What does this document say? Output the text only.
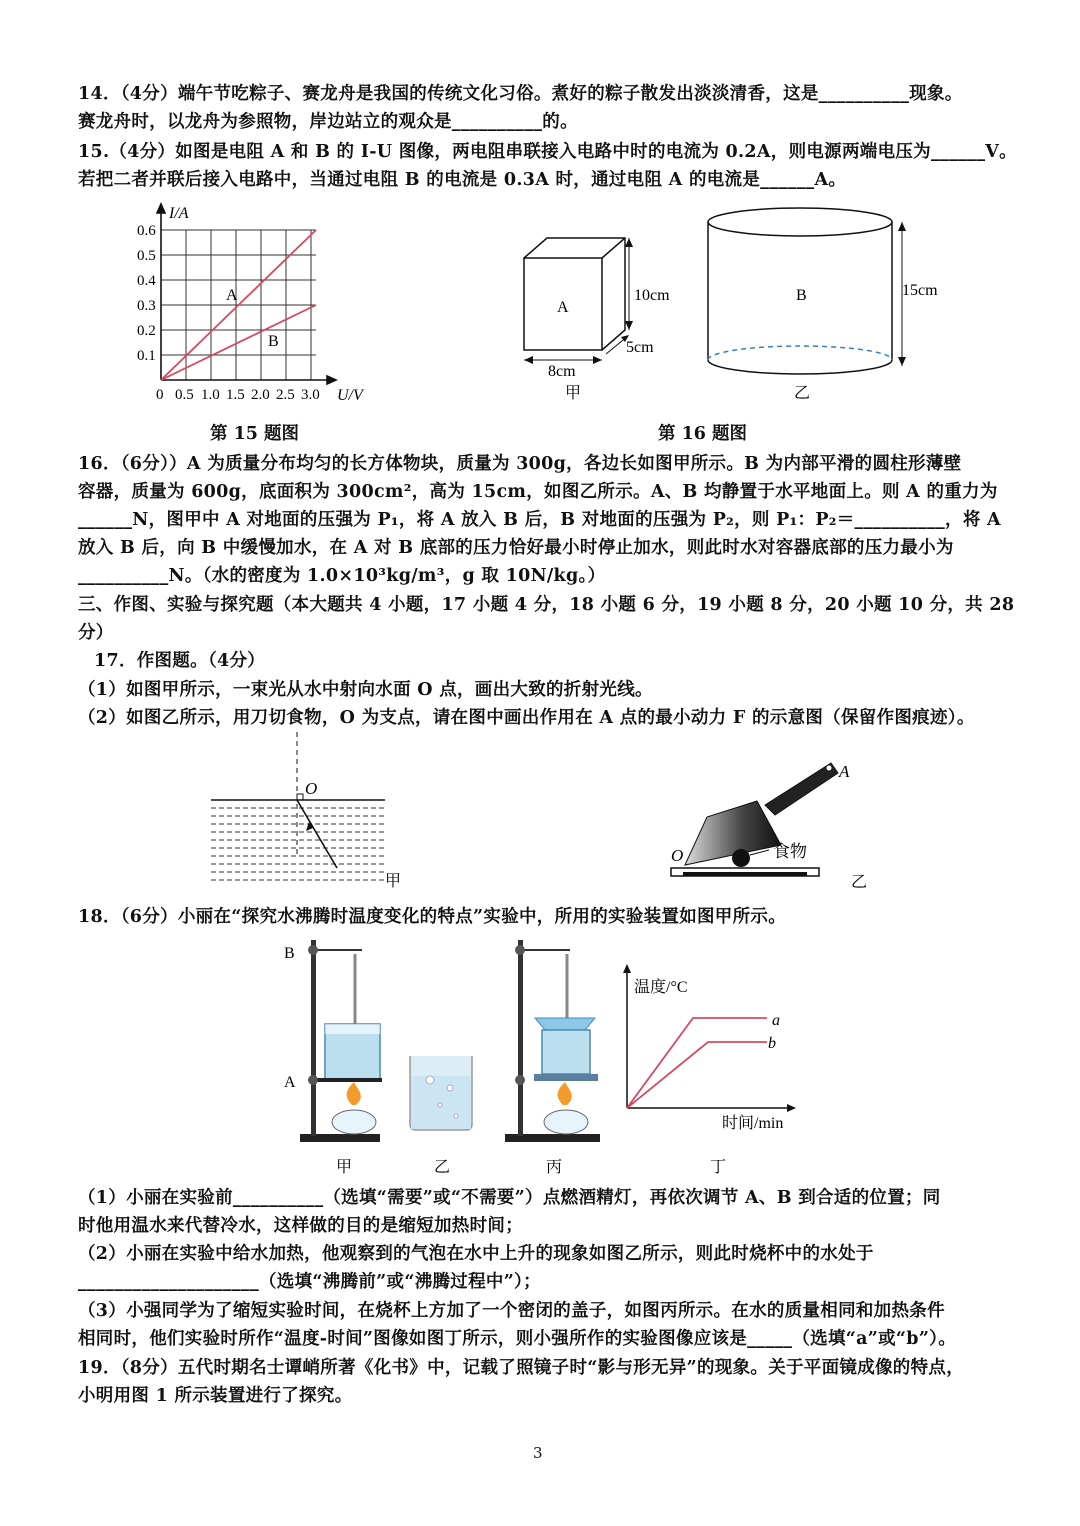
14．（4分）端午节吃粽子、赛龙舟是我国的传统文化习俗。煮好的粽子散发出淡淡清香，这是__________现象。
赛龙舟时，以龙舟为参照物，岸边站立的观众是__________的。
15.（4分）如图是电阻 A 和 B 的 I-U 图像，两电阻串联接入电路中时的电流为 0.2A，则电源两端电压为______V。
若把二者并联后接入电路中，当通过电阻 B 的电流是 0.3A 时，通过电阻 A 的电流是______A。
I/A
U/V
0
0.1
0.2
0.3
0.4
0.5
0.6
0.5 1.0 1.5 2.0 2.5 3.0
A
B
第 15 题图
A
10cm
5cm
8cm
甲
B	15cm
乙
第 16 题图
16．（6分））A 为质量分布均匀的长方体物块，质量为 300g，各边长如图甲所示。B 为内部平滑的圆柱形薄壁
容器，质量为 600g，底面积为 300cm²，高为 15cm，如图乙所示。A、B 均静置于水平地面上。则 A 的重力为
______N，图甲中 A 对地面的压强为 P₁，将 A 放入 B 后，B 对地面的压强为 P₂，则 P₁：P₂＝__________，将 A
放入 B 后，向 B 中缓慢加水，在 A 对 B 底部的压力恰好最小时停止加水，则此时水对容器底部的压力最小为
__________N。（水的密度为 1.0×10³kg/m³，g 取 10N/kg。）
三、作图、实验与探究题（本大题共 4 小题，17 小题 4 分，18 小题 6 分，19 小题 8 分，20 小题 10 分，共 28
分）
17．作图题。（4分）
（1）如图甲所示，一束光从水中射向水面 O 点，画出大致的折射光线。
（2）如图乙所示，用刀切食物，O 为支点，请在图中画出作用在 A 点的最小动力 F 的示意图（保留作图痕迹）。
O
甲
O
A
食物
乙
18．（6分）小丽在“探究水沸腾时温度变化的特点”实验中，所用的实验装置如图甲所示。
B
A
甲	乙	丙
温度/°C
时间/min
a
b
丁
（1）小丽在实验前__________（选填“需要”或“不需要”）点燃酒精灯，再依次调节 A、B 到合适的位置；同
时他用温水来代替冷水，这样做的目的是缩短加热时间；
（2）小丽在实验中给水加热，他观察到的气泡在水中上升的现象如图乙所示，则此时烧杯中的水处于
____________________（选填“沸腾前”或“沸腾过程中”）；
（3）小强同学为了缩短实验时间，在烧杯上方加了一个密闭的盖子，如图丙所示。在水的质量相同和加热条件
相同时，他们实验时所作“温度-时间”图像如图丁所示，则小强所作的实验图像应该是_____（选填“a”或“b”）。
19．（8分）五代时期名士谭峭所著《化书》中，记载了照镜子时“影与形无异”的现象。关于平面镜成像的特点，
小明用图 1 所示装置进行了探究。
3
